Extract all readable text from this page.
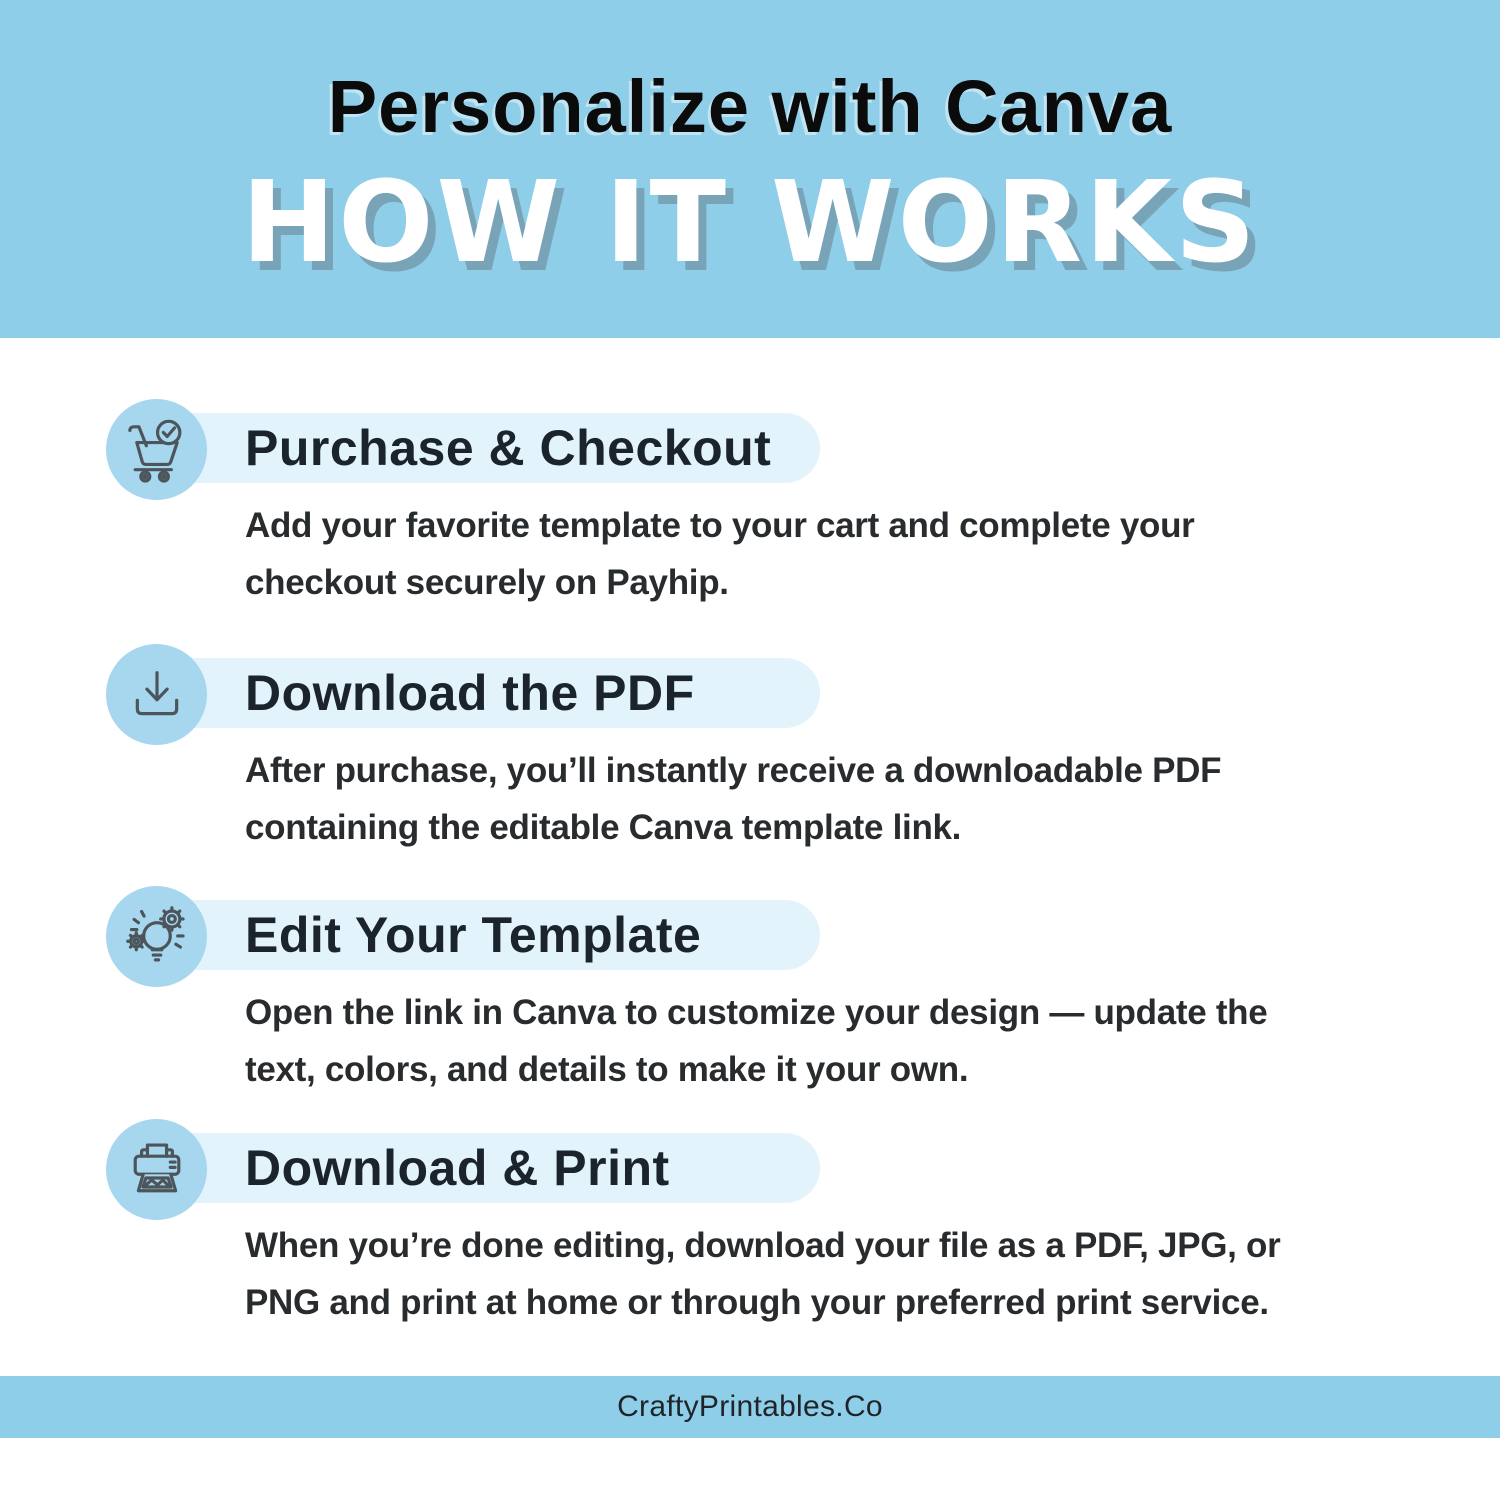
Personalize with Canva
HOW IT WORKS
Purchase & Checkout
Add your favorite template to your cart and complete your
checkout securely on Payhip.
Download the PDF
After purchase, you’ll instantly receive a downloadable PDF
containing the editable Canva template link.
Edit Your Template
Open the link in Canva to customize your design — update the
text, colors, and details to make it your own.
Download & Print
When you’re done editing, download your file as a PDF, JPG, or
PNG and print at home or through your preferred print service.
CraftyPrintables.Co
